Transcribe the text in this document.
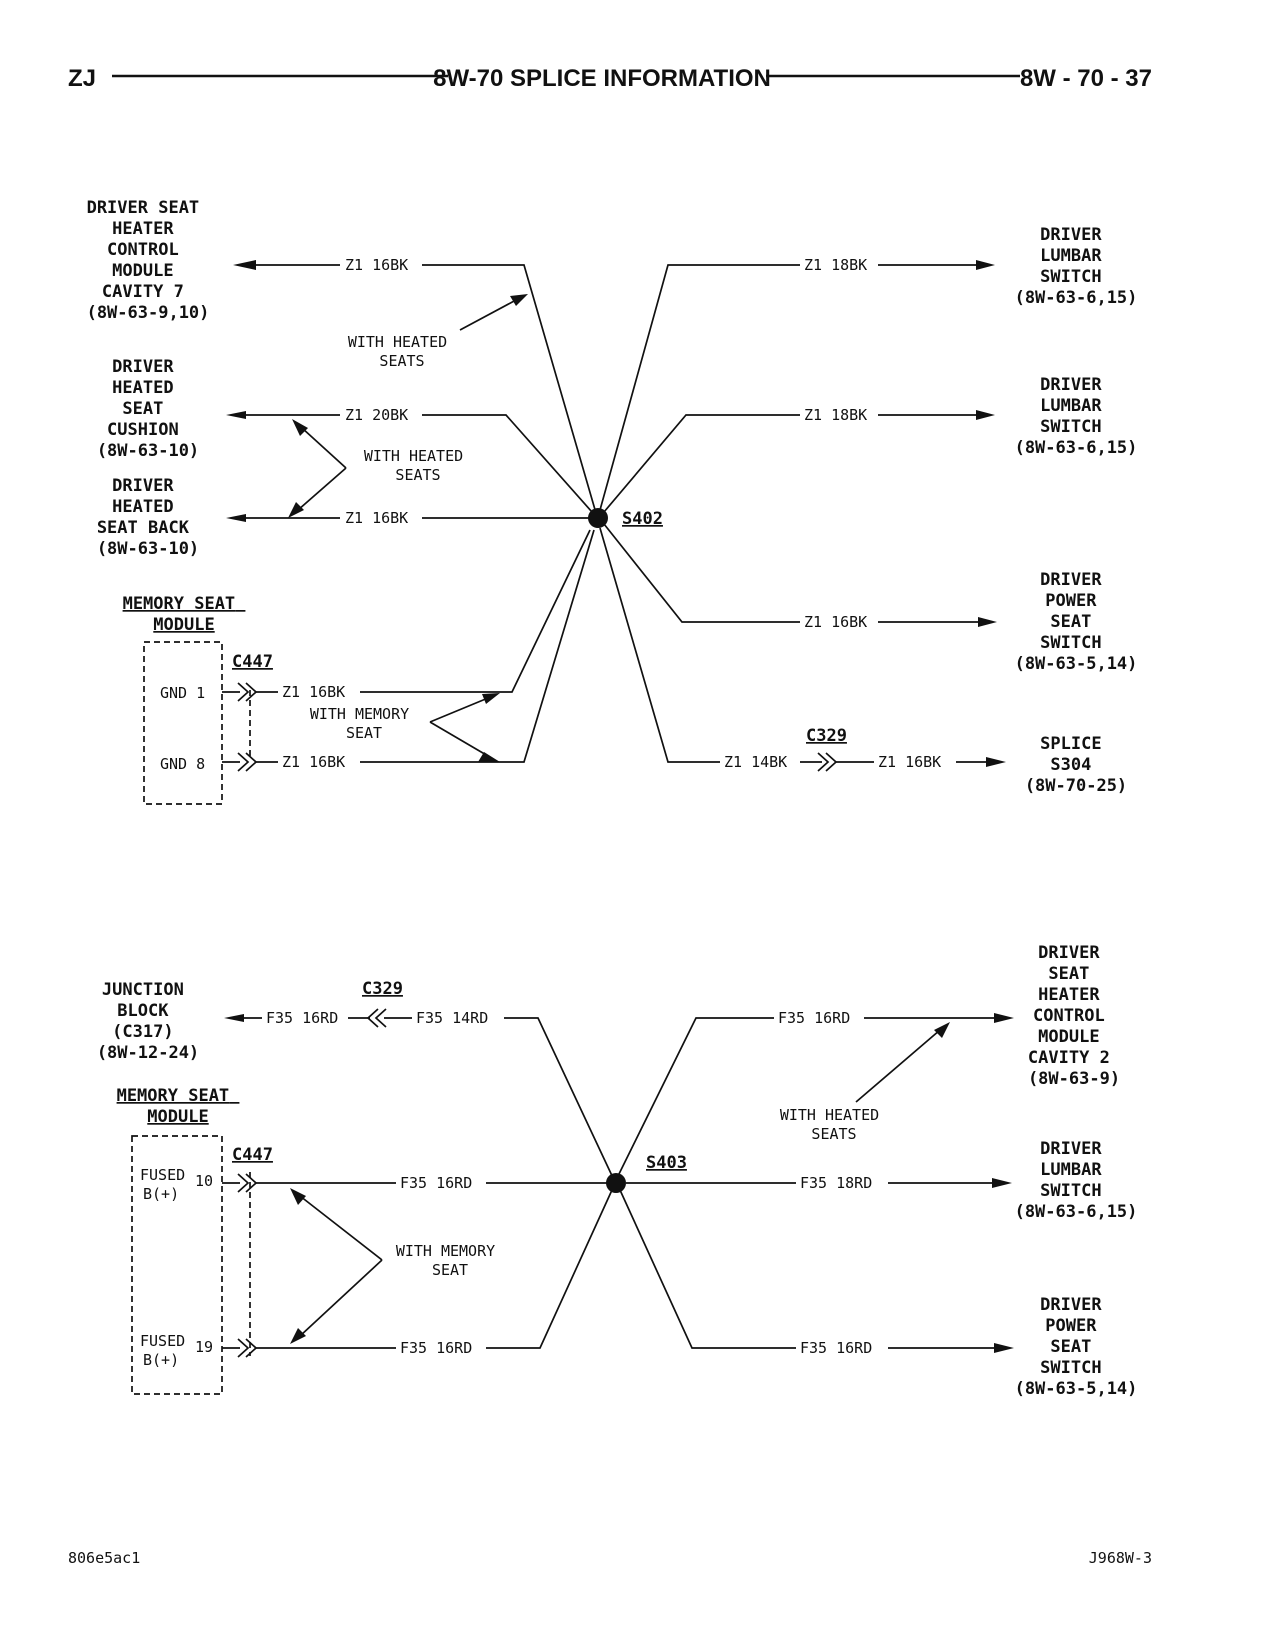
ZJ	8W-70 SPLICE INFORMATION	8W - 70 - 37
DRIVER SEAT HEATER CONTROL MODULE CAVITY 7 (8W-63-9,10)
DRIVER HEATED SEAT CUSHION (8W-63-10)
DRIVER HEATED SEAT BACK (8W-63-10)
MEMORY SEAT MODULE
C447
GND 1
GND 8
Z1 16BK
Z1 20BK
Z1 16BK
Z1 16BK
Z1 16BK
S402
Z1 18BK
Z1 18BK
Z1 16BK
Z1 14BK
C329
Z1 16BK
DRIVER LUMBAR SWITCH (8W-63-6,15)
DRIVER LUMBAR SWITCH (8W-63-6,15)
DRIVER POWER SEAT SWITCH (8W-63-5,14)
SPLICE S304 (8W-70-25)
WITH HEATED SEATS
WITH HEATED SEATS
WITH MEMORY SEAT
JUNCTION BLOCK (C317) (8W-12-24)
MEMORY SEAT MODULE
C447
FUSED B(+)
10
FUSED B(+)
19
F35 16RD
C329
F35 14RD
F35 16RD
F35 16RD
S403
F35 16RD
F35 18RD
F35 16RD
DRIVER SEAT HEATER CONTROL MODULE CAVITY 2 (8W-63-9)
DRIVER LUMBAR SWITCH (8W-63-6,15)
DRIVER POWER SEAT SWITCH (8W-63-5,14)
WITH HEATED SEATS
WITH MEMORY SEAT
806e5ac1	J968W-3
